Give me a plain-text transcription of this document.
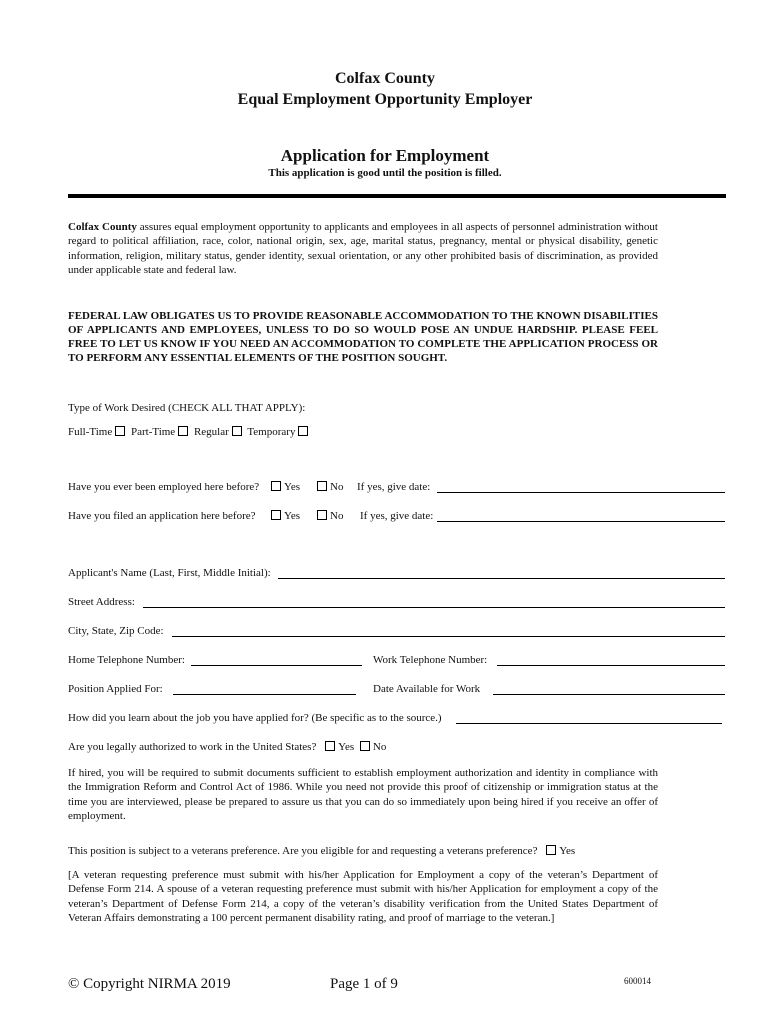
Colfax County
Equal Employment Opportunity Employer
Application for Employment
This application is good until the position is filled.
Colfax County assures equal employment opportunity to applicants and employees in all aspects of personnel administration without regard to political affiliation, race, color, national origin, sex, age, marital status, pregnancy, mental or physical disability, genetic information, religion, military status, gender identity, sexual orientation, or any other prohibited basis of discrimination, as provided under applicable state and federal law.
FEDERAL LAW OBLIGATES US TO PROVIDE REASONABLE ACCOMMODATION TO THE KNOWN DISABILITIES OF APPLICANTS AND EMPLOYEES, UNLESS TO DO SO WOULD POSE AN UNDUE HARDSHIP. PLEASE FEEL FREE TO LET US KNOW IF YOU NEED AN ACCOMMODATION TO COMPLETE THE APPLICATION PROCESS OR TO PERFORM ANY ESSENTIAL ELEMENTS OF THE POSITION SOUGHT.
Type of Work Desired (CHECK ALL THAT APPLY):
Full-Time Part-Time Regular Temporary
Have you ever been employed here before?	Yes	No If yes, give date:
Have you filed an application here before?	Yes	No If yes, give date:
Applicant's Name (Last, First, Middle Initial):
Street Address:
City, State, Zip Code:
Home Telephone Number:	Work Telephone Number:
Position Applied For:	Date Available for Work
How did you learn about the job you have applied for? (Be specific as to the source.)
Are you legally authorized to work in the United States? Yes No
If hired, you will be required to submit documents sufficient to establish employment authorization and identity in compliance with the Immigration Reform and Control Act of 1986. While you need not provide this proof of citizenship or immigration status at the time you are interviewed, please be prepared to assure us that you can do so immediately upon being hired if you receive an offer of employment.
This position is subject to a veterans preference. Are you eligible for and requesting a veterans preference? Yes
[A veteran requesting preference must submit with his/her Application for Employment a copy of the veteran’s Department of Defense Form 214. A spouse of a veteran requesting preference must submit with his/her Application for employment a copy of the veteran’s Department of Defense Form 214, a copy of the veteran’s disability verification from the United States Department of Veteran Affairs demonstrating a 100 percent permanent disability rating, and proof of marriage to the veteran.]
© Copyright NIRMA 2019	Page 1 of 9	600014
